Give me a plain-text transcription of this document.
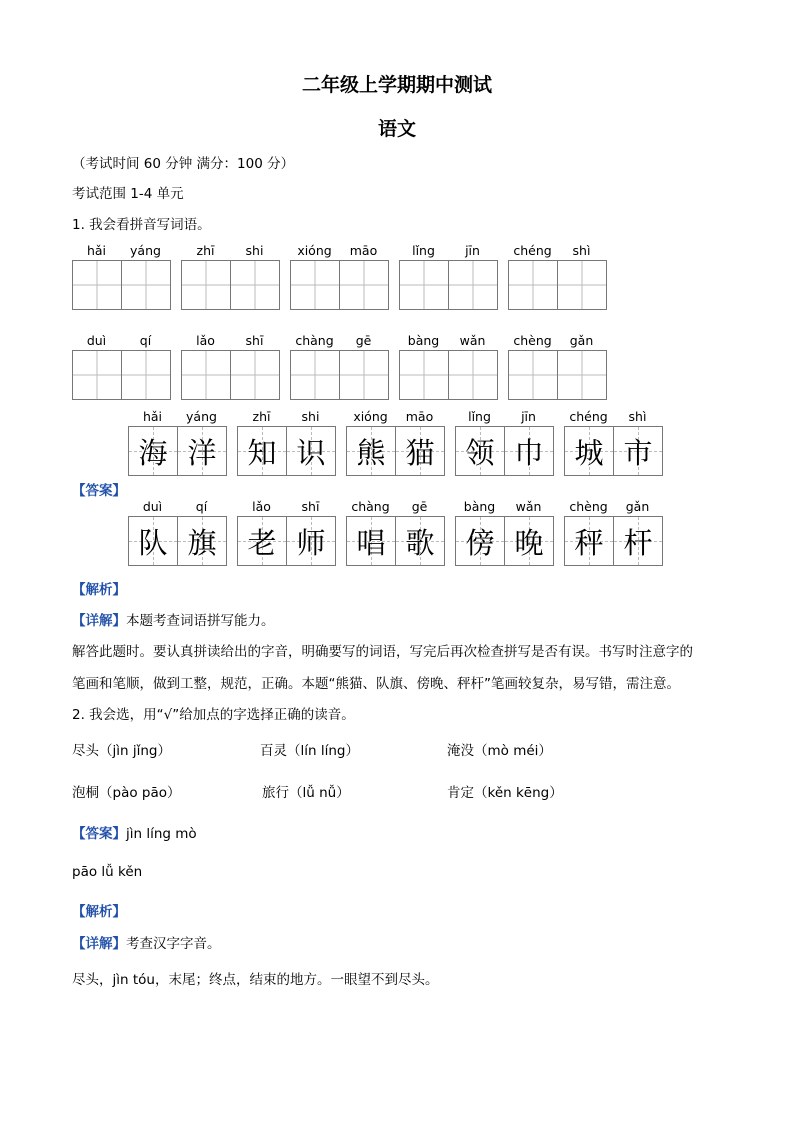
二年级上学期期中测试
语文
（考试时间 60 分钟 满分：100 分）
考试范围 1-4 单元
1. 我会看拼音写词语。
hǎi	yáng	zhī	shi	xióng	māo	lǐng	jīn	chéng	shì
duì	qí	lǎo	shī	chàng	gē	bàng	wǎn	chèng	gǎn
hǎi	yáng
海 洋
zhī	shi
知 识
xióng	māo
熊 猫
lǐng	jīn
领 巾
chéng	shì
城 市
【答案】
duì	qí
队 旗
lǎo	shī
老 师
chàng	gē
唱 歌
bàng	wǎn
傍 晚
chèng	gǎn
秤 杆
【解析】
【详解】本题考查词语拼写能力。
解答此题时。要认真拼读给出的字音，明确要写的词语，写完后再次检查拼写是否有误。书写时注意字的
笔画和笔顺，做到工整，规范，正确。本题“熊猫、队旗、傍晚、秤杆”笔画较复杂，易写错，需注意。
2. 我会选，用“√”给加点的字选择正确的读音。
尽头（jìn jǐng）	百灵（lín líng）	淹没（mò méi）
泡桐（pào pāo）	旅行（lǚ nǚ）	肯定（kěn kēng）
【答案】jìn líng mò
pāo lǚ kěn
【解析】
【详解】考查汉字字音。
尽头，jìn tóu，末尾；终点，结束的地方。一眼望不到尽头。
